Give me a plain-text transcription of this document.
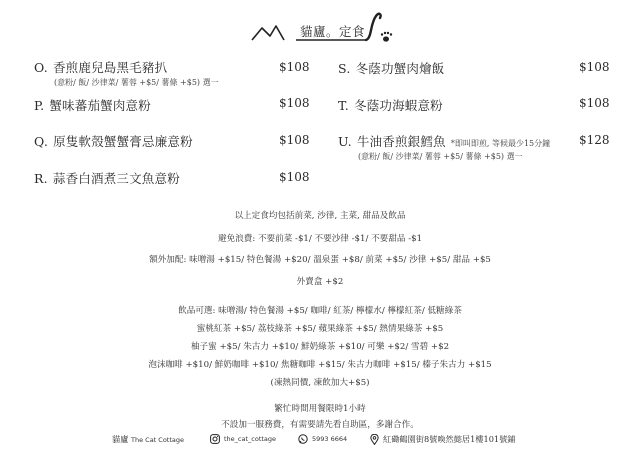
貓廬。定食
O. 香煎鹿兒島黑毛豬扒
(意粉/ 飯/ 沙律菜/ 薯蓉 +$5/ 薯條 +$5) 選一
$108
P. 蟹味蕃茄蟹肉意粉	$108
Q. 原隻軟殼蟹蟹膏忌廉意粉	$108
R. 蒜香白酒煮三文魚意粉	$108
S. 冬蔭功蟹肉燴飯	$108
T. 冬蔭功海蝦意粉	$108
U. 牛油香煎銀鱈魚 *即叫即煎, 等候最少15分鐘
(意粉/ 飯/ 沙律菜/ 薯蓉 +$5/ 薯條 +$5) 選一
$128
以上定食均包括前菜, 沙律, 主菜, 甜品及飲品
避免浪費: 不要前菜 -$1/ 不要沙律 -$1/ 不要甜品 -$1
額外加配: 味噌湯 +$15/ 特色餐湯 +$20/ 溫泉蛋 +$8/ 前菜 +$5/ 沙律 +$5/ 甜品 +$5
外賣盒 +$2
飲品可選: 味噌湯/ 特色餐湯 +$5/ 咖啡/ 紅茶/ 檸檬水/ 檸檬紅茶/ 低糖綠茶
蜜桃紅茶 +$5/ 荔枝綠茶 +$5/ 蘋果綠茶 +$5/ 熱情果綠茶 +$5
柚子蜜 +$5/ 朱古力 +$10/ 鮮奶綠茶 +$10/ 可樂 +$2/ 雪碧 +$2
泡沫咖啡 +$10/ 鮮奶咖啡 +$10/ 焦糖咖啡 +$15/ 朱古力咖啡 +$15/ 榛子朱古力 +$15
(凍熱同價, 凍飲加大+$5)
繁忙時間用餐限時1小時
不設加一服務費，有需要請先看自助區，多謝合作。
貓廬
The Cat Cottage	the_cat_cottage	5993 6664	紅磡鶴園街8號喚然懿居1樓101號鋪
